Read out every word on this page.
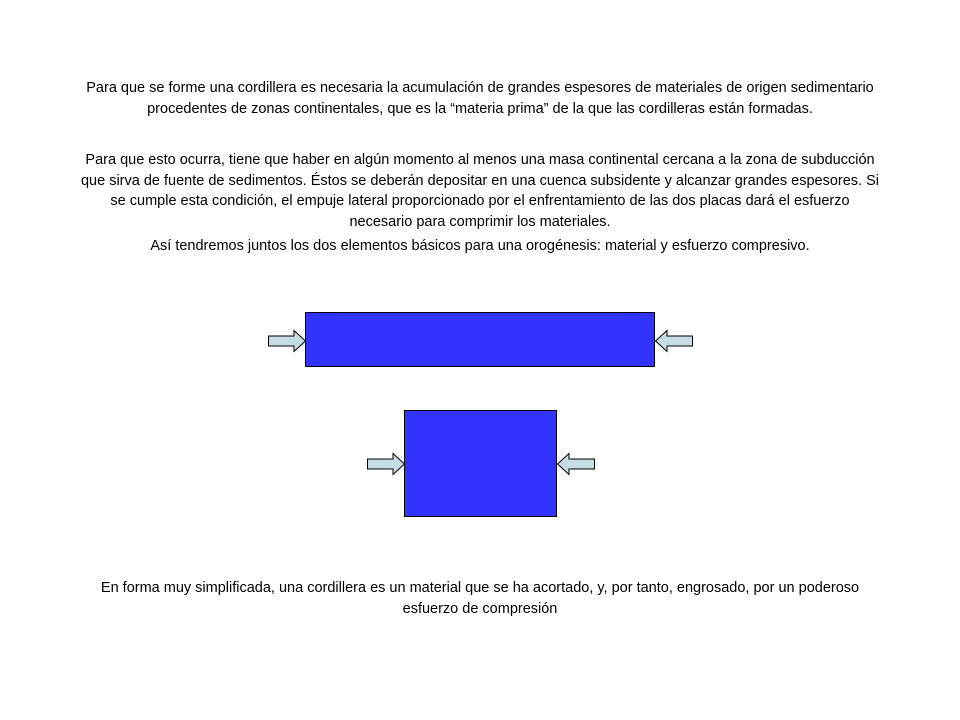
Para que se forme una cordillera es necesaria la acumulación de grandes espesores de materiales de origen sedimentario procedentes de zonas continentales, que es la “materia prima” de la que las cordilleras están formadas.

Para que esto ocurra, tiene que haber en algún momento al menos una masa continental cercana a la zona de subducción que sirva de fuente de sedimentos. Éstos se deberán depositar en una cuenca subsidente y alcanzar grandes espesores. Si se cumple esta condición, el empuje lateral proporcionado por el enfrentamiento de las dos placas dará el esfuerzo necesario para comprimir los materiales.

Así tendremos juntos los dos elementos básicos para una orogénesis: material y esfuerzo compresivo.

En forma muy simplificada, una cordillera es un material que se ha acortado, y, por tanto, engrosado, por un poderoso esfuerzo de compresión
